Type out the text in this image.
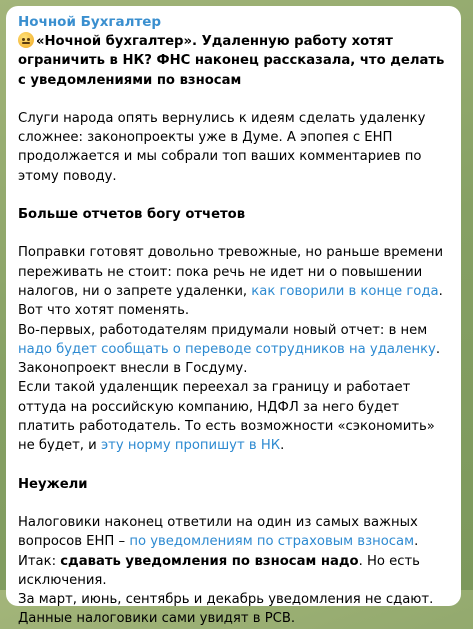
Ночной Бухгалтер

«Ночной бухгалтер». Удаленную работу хотят ограничить в НК? ФНС наконец рассказала, что делать с уведомлениями по взносам

Слуги народа опять вернулись к идеям сделать удаленку сложнее: законопроекты уже в Думе. А эпопея с ЕНП продолжается и мы собрали топ ваших комментариев по этому поводу.

Больше отчетов богу отчетов

Поправки готовят довольно тревожные, но раньше времени переживать не стоит: пока речь не идет ни о повышении налогов, ни о запрете удаленки, как говорили в конце года. Вот что хотят поменять.

Во-первых, работодателям придумали новый отчет: в нем надо будет сообщать о переводе сотрудников на удаленку.

Законопроект внесли в Госдуму.

Если такой удаленщик переехал за границу и работает оттуда на российскую компанию, НДФЛ за него будет платить работодатель. То есть возможности «сэкономить» не будет, и эту норму пропишут в НК.

Неужели

Налоговики наконец ответили на один из самых важных вопросов ЕНП – по уведомлениям по страховым взносам. Итак: сдавать уведомления по взносам надо. Но есть исключения.

За март, июнь, сентябрь и декабрь уведомления не сдают.

Данные налоговики сами увидят в РСВ.
